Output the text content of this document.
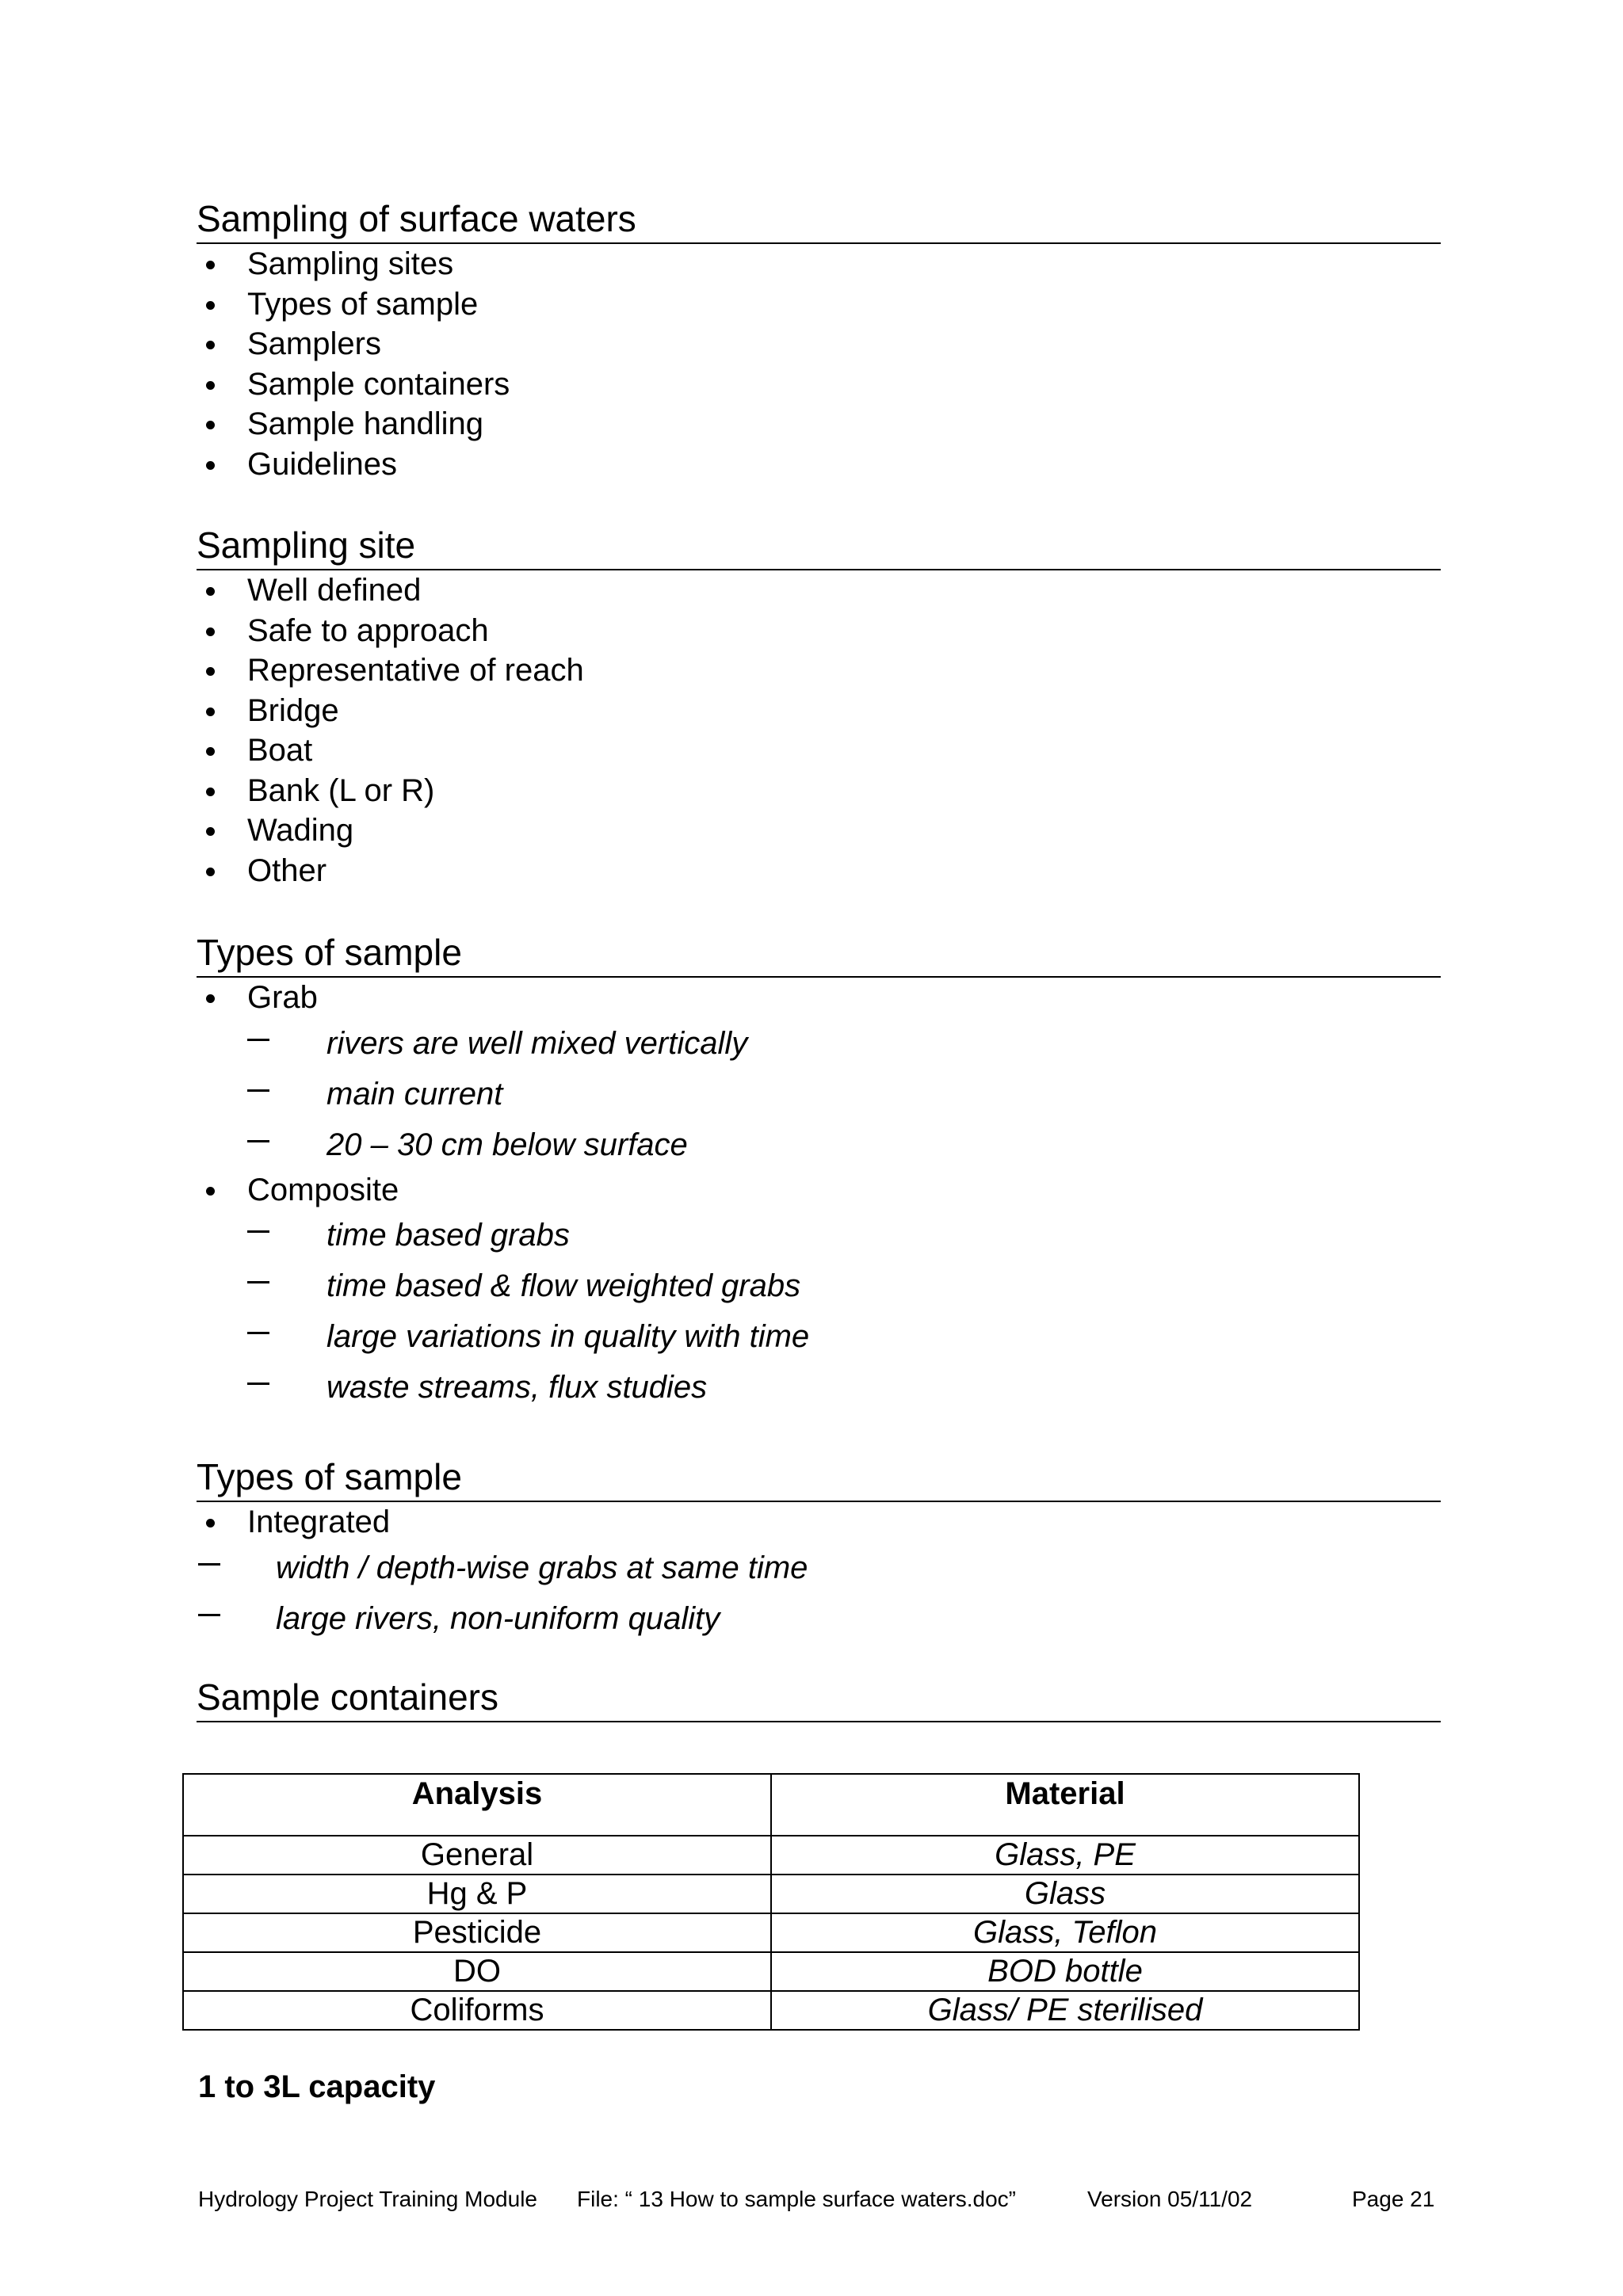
Sampling of surface waters
Sampling sites
Types of sample
Samplers
Sample containers
Sample handling
Guidelines
Sampling site
Well defined
Safe to approach
Representative of reach
Bridge
Boat
Bank (L or R)
Wading
Other
Types of sample
Grab
rivers are well mixed vertically
main current
20 – 30 cm below surface
Composite
time based grabs
time based & flow weighted grabs
large variations in quality with time
waste streams, flux studies
Types of sample
Integrated
width / depth-wise grabs at same time
large rivers, non-uniform quality
Sample containers
Analysis	Material
General	Glass, PE
Hg & P	Glass
Pesticide	Glass, Teflon
DO	BOD bottle
Coliforms	Glass/ PE sterilised
1 to 3L capacity
Hydrology Project Training Module File: “ 13 How to sample surface waters.doc”	Version 05/11/02	Page 21
